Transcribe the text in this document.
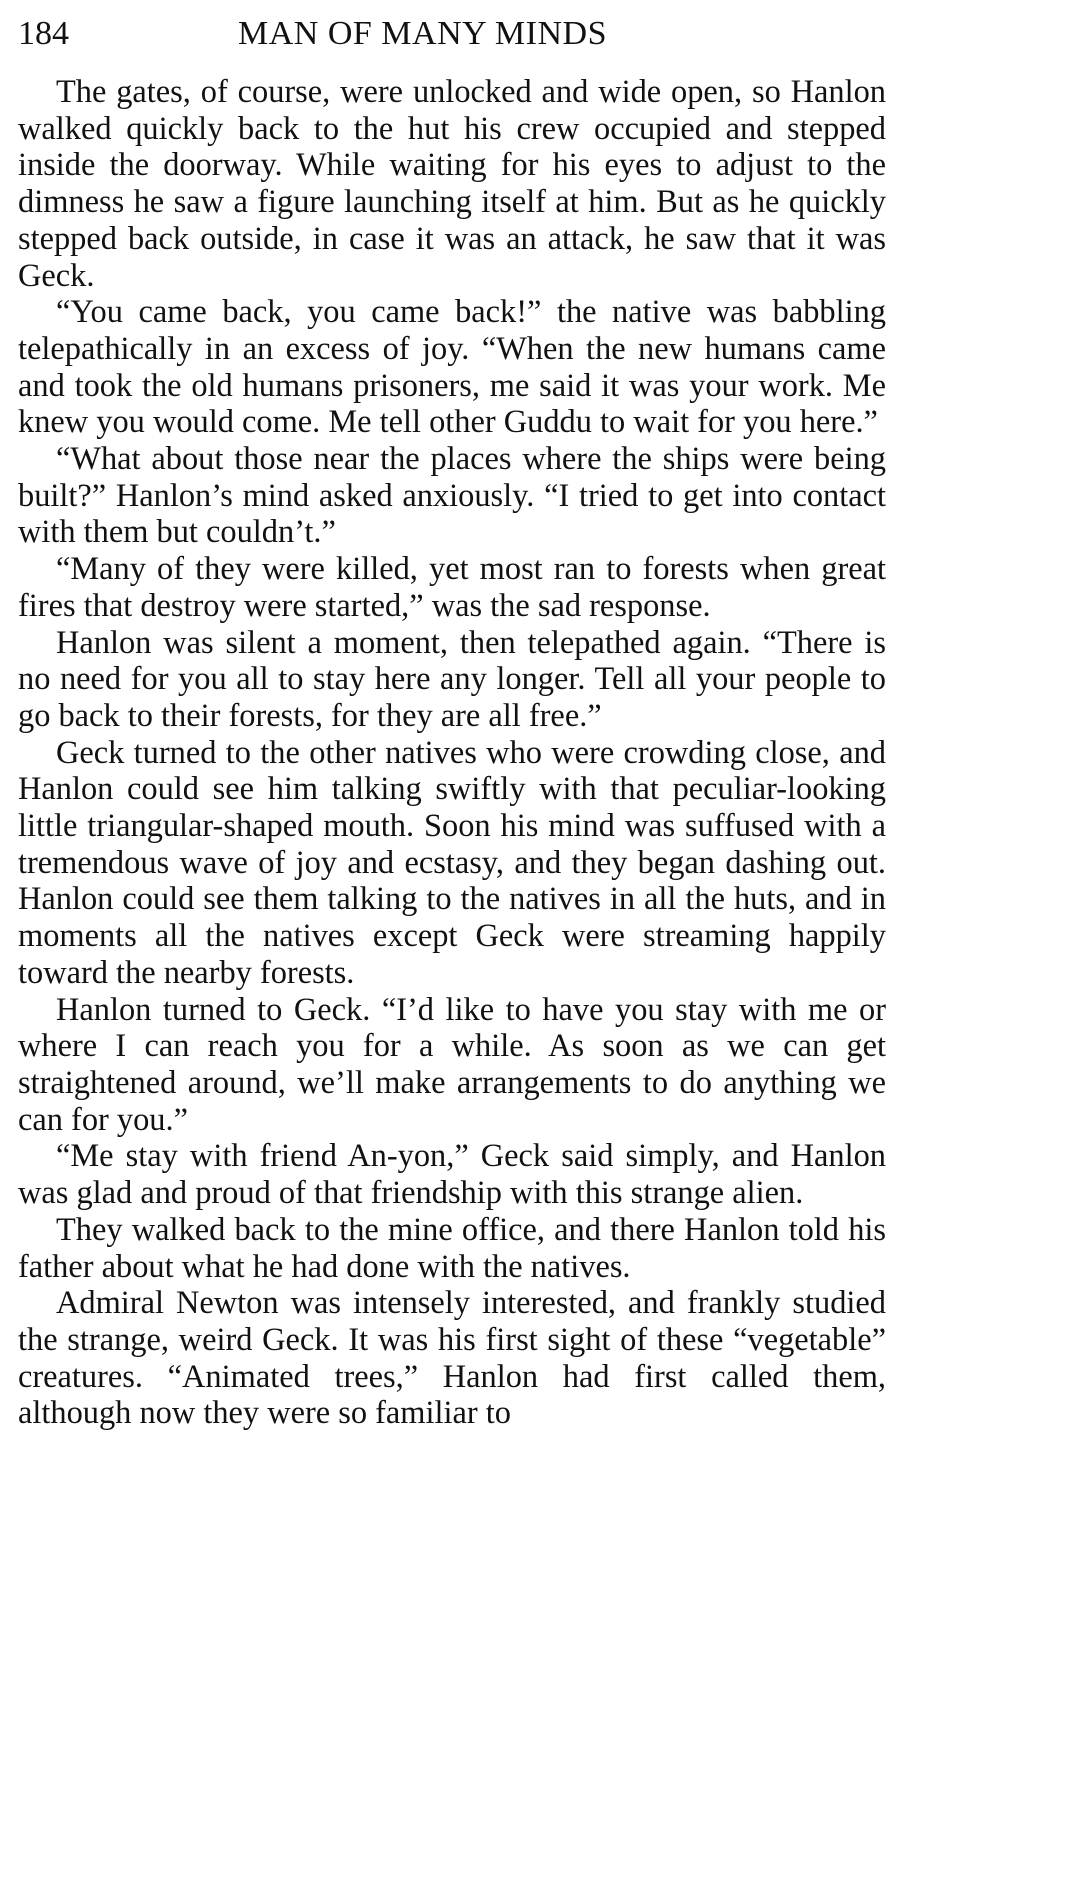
184	MAN OF MANY MINDS

The gates, of course, were unlocked and wide open, so Hanlon walked quickly back to the hut his crew occupied and stepped inside the doorway. While waiting for his eyes to adjust to the dimness he saw a figure launching itself at him. But as he quickly stepped back outside, in case it was an attack, he saw that it was Geck.

“You came back, you came back!” the native was babbling telepathically in an excess of joy. “When the new humans came and took the old humans prisoners, me said it was your work. Me knew you would come. Me tell other Guddu to wait for you here.”

“What about those near the places where the ships were being built?” Hanlon’s mind asked anxiously. “I tried to get into contact with them but couldn’t.”

“Many of they were killed, yet most ran to forests when great fires that destroy were started,” was the sad response.

Hanlon was silent a moment, then telepathed again. “There is no need for you all to stay here any longer. Tell all your people to go back to their forests, for they are all free.”

Geck turned to the other natives who were crowding close, and Hanlon could see him talking swiftly with that peculiar-looking little triangular-shaped mouth. Soon his mind was suffused with a tremendous wave of joy and ecstasy, and they began dashing out. Hanlon could see them talking to the natives in all the huts, and in moments all the natives except Geck were streaming happily toward the nearby forests.

Hanlon turned to Geck. “I’d like to have you stay with me or where I can reach you for a while. As soon as we can get straightened around, we’ll make arrangements to do anything we can for you.”

“Me stay with friend An-yon,” Geck said simply, and Hanlon was glad and proud of that friendship with this strange alien.

They walked back to the mine office, and there Hanlon told his father about what he had done with the natives.

Admiral Newton was intensely interested, and frankly studied the strange, weird Geck. It was his first sight of these “vegetable” creatures. “Animated trees,” Hanlon had first called them, although now they were so familiar to
